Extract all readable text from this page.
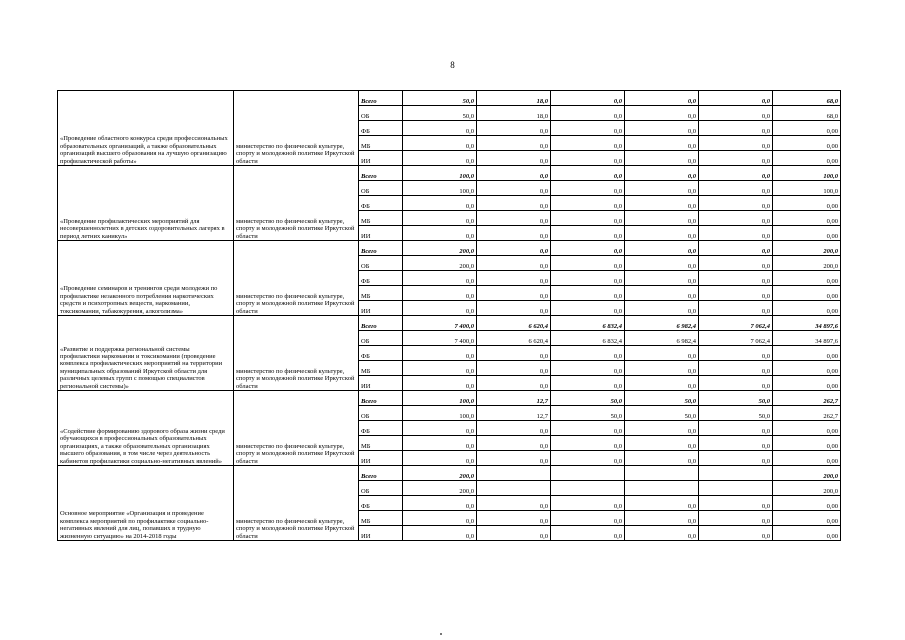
8
«Проведение областного конкурса среди профессиональных образовательных организаций, а также образовательных организаций высшего образования на лучшую организацию профилактической работы»	министерство по физической культуре, спорту и молодежной политике Иркутской области	Всего	50,0	18,0	0,0	0,0	0,0	68,0
		ОБ	50,0	18,0	0,0	0,0	0,0	68,0
		ФБ	0,0	0,0	0,0	0,0	0,0	0,00
		МБ	0,0	0,0	0,0	0,0	0,0	0,00
		ИИ	0,0	0,0	0,0	0,0	0,0	0,00
«Проведение профилактических мероприятий для несовершеннолетних в детских оздоровительных лагерях в период летних каникул»	министерство по физической культуре, спорту и молодежной политике Иркутской области	Всего	100,0	0,0	0,0	0,0	0,0	100,0
		ОБ	100,0	0,0	0,0	0,0	0,0	100,0
		ФБ	0,0	0,0	0,0	0,0	0,0	0,00
		МБ	0,0	0,0	0,0	0,0	0,0	0,00
		ИИ	0,0	0,0	0,0	0,0	0,0	0,00
«Проведение семинаров и тренингов среди молодежи по профилактике незаконного потребления наркотических средств и психотропных веществ, наркомании, токсикомании, табакокурения, алкоголизма»	министерство по физической культуре, спорту и молодежной политике Иркутской области	Всего	200,0	0,0	0,0	0,0	0,0	200,0
		ОБ	200,0	0,0	0,0	0,0	0,0	200,0
		ФБ	0,0	0,0	0,0	0,0	0,0	0,00
		МБ	0,0	0,0	0,0	0,0	0,0	0,00
		ИИ	0,0	0,0	0,0	0,0	0,0	0,00
«Развитие и поддержка региональной системы профилактики наркомании и токсикомании (проведение комплекса профилактических мероприятий на территории муниципальных образований Иркутской области для различных целевых групп с помощью специалистов региональной системы)»	министерство по физической культуре, спорту и молодежной политике Иркутской области	Всего	7 400,0	6 620,4	6 832,4	6 982,4	7 062,4	34 897,6
		ОБ	7 400,0	6 620,4	6 832,4	6 982,4	7 062,4	34 897,6
		ФБ	0,0	0,0	0,0	0,0	0,0	0,00
		МБ	0,0	0,0	0,0	0,0	0,0	0,00
		ИИ	0,0	0,0	0,0	0,0	0,0	0,00
«Содействие формированию здорового образа жизни среди обучающихся в профессиональных образовательных организациях, а также образовательных организациях высшего образования, в том числе через деятельность кабинетов профилактики социально-негативных явлений»	министерство по физической культуре, спорту и молодежной политике Иркутской области	Всего	100,0	12,7	50,0	50,0	50,0	262,7
		ОБ	100,0	12,7	50,0	50,0	50,0	262,7
		ФБ	0,0	0,0	0,0	0,0	0,0	0,00
		МБ	0,0	0,0	0,0	0,0	0,0	0,00
		ИИ	0,0	0,0	0,0	0,0	0,0	0,00
Основное мероприятие «Организация и проведение комплекса мероприятий по профилактике социально-негативных явлений для лиц, попавших в трудную жизненную ситуацию» на 2014-2018 годы	министерство по физической культуре, спорту и молодежной политике Иркутской области	Всего	200,0					200,0
		ОБ	200,0					200,0
		ФБ	0,0	0,0	0,0	0,0	0,0	0,00
		МБ	0,0	0,0	0,0	0,0	0,0	0,00
		ИИ	0,0	0,0	0,0	0,0	0,0	0,00
